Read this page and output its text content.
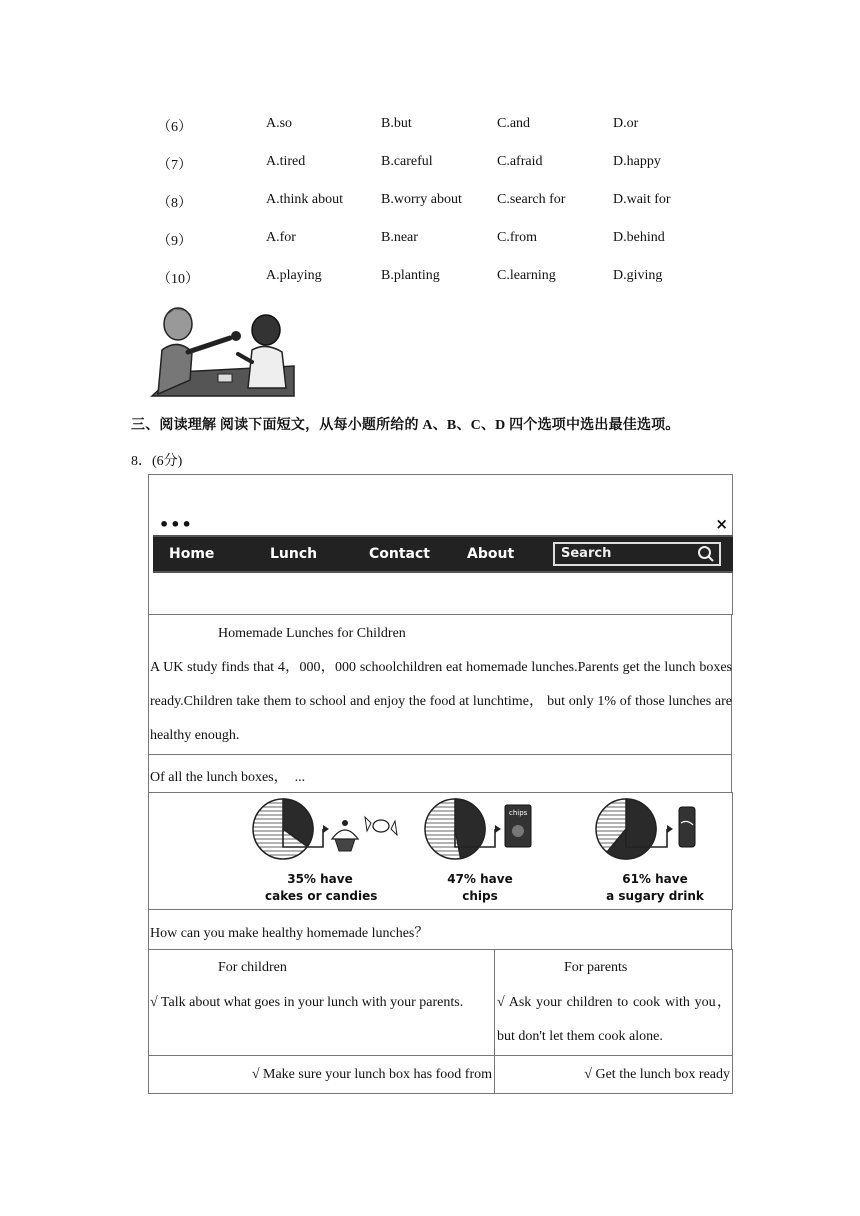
（6）	A.so	B.but	C.and	D.or
（7）	A.tired	B.careful	C.afraid	D.happy
（8）	A.think about	B.worry about	C.search for	D.wait for
（9）	A.for	B.near	C.from	D.behind
（10）	A.playing	B.planting	C.learning	D.giving
三、阅读理解 阅读下面短文，从每小题所给的 A、B、C、D 四个选项中选出最佳选项。
8．(6分)
•••	×
Home	Lunch	Contact	About	Search
Homemade Lunches for Children
A UK study finds that 4，000，000 schoolchildren eat homemade lunches.Parents get the lunch boxes ready.Children take them to school and enjoy the food at lunchtime， but only 1% of those lunches are healthy enough.
Of all the lunch boxes，　...
chips
35% have
cakes or candies
47% have
chips
61% have
a sugary drink
How can you make healthy homemade lunches？
For children	For parents
√ Talk about what goes in your lunch with your parents.	√ Ask your children to cook with you，but don't let them cook alone.
√ Make sure your lunch box has food from	√ Get the lunch box ready
